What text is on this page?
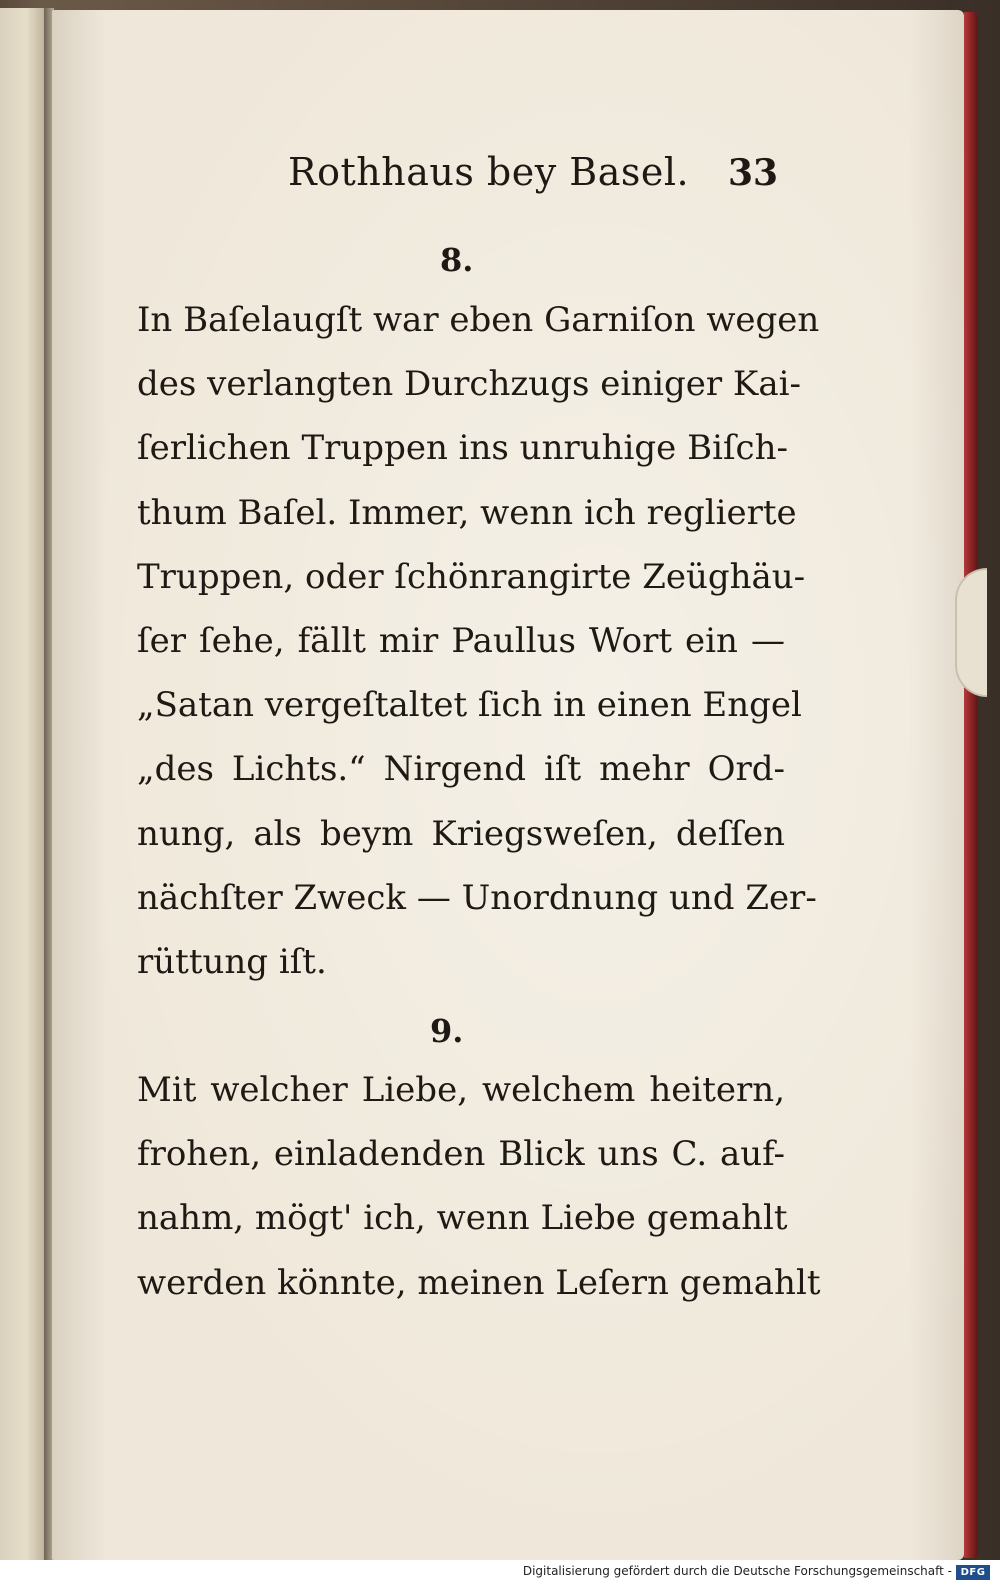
Rothhaus bey Basel. 33
8.
In Baſelaugſt war eben Garniſon wegen
des verlangten Durchzugs einiger Kai-
ſerlichen Truppen ins unruhige Biſch-
thum Baſel. Immer, wenn ich reglierte
Truppen, oder ſchönrangirte Zeüghäu-
ſer ſehe, fällt mir Paullus Wort ein —
„Satan vergeſtaltet ſich in einen Engel
„des Lichts.“ Nirgend iſt mehr Ord-
nung, als beym Kriegsweſen, deſſen
nächſter Zweck — Unordnung und Zer-
rüttung iſt.
9.
Mit welcher Liebe, welchem heitern,
frohen, einladenden Blick uns C. auf-
nahm, mögt' ich, wenn Liebe gemahlt
werden könnte, meinen Leſern gemahlt
Digitalisierung gefördert durch die Deutsche Forschungsgemeinschaft - DFG
